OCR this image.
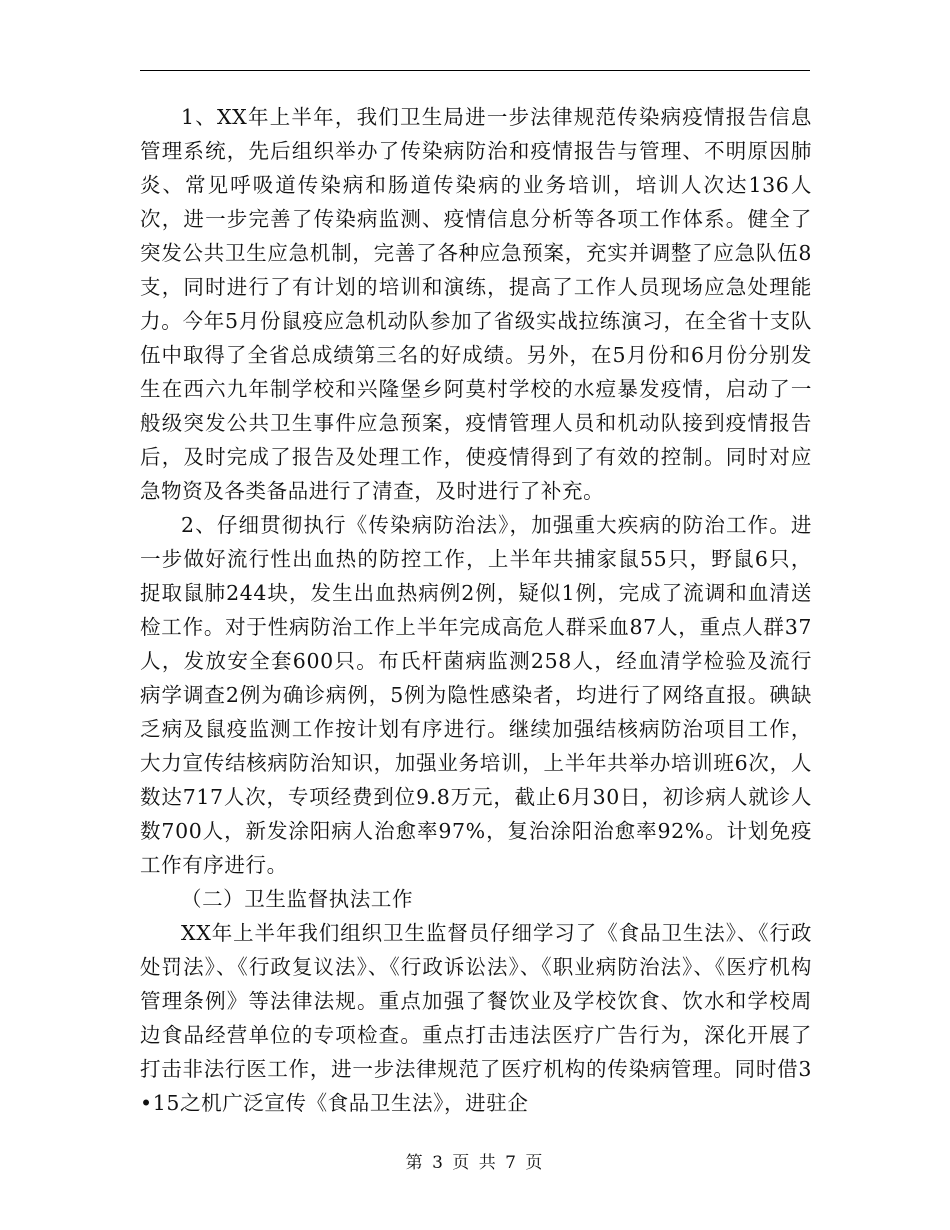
1、XX年上半年，我们卫生局进一步法律规范传染病疫情报告信息管理系统，先后组织举办了传染病防治和疫情报告与管理、不明原因肺炎、常见呼吸道传染病和肠道传染病的业务培训，培训人次达136人次，进一步完善了传染病监测、疫情信息分析等各项工作体系。健全了突发公共卫生应急机制，完善了各种应急预案，充实并调整了应急队伍8支，同时进行了有计划的培训和演练，提高了工作人员现场应急处理能力。今年5月份鼠疫应急机动队参加了省级实战拉练演习，在全省十支队伍中取得了全省总成绩第三名的好成绩。另外，在5月份和6月份分别发生在西六九年制学校和兴隆堡乡阿莫村学校的水痘暴发疫情，启动了一般级突发公共卫生事件应急预案，疫情管理人员和机动队接到疫情报告后，及时完成了报告及处理工作，使疫情得到了有效的控制。同时对应急物资及各类备品进行了清查，及时进行了补充。

2、仔细贯彻执行《传染病防治法》，加强重大疾病的防治工作。进一步做好流行性出血热的防控工作，上半年共捕家鼠55只，野鼠6只，捉取鼠肺244块，发生出血热病例2例，疑似1例，完成了流调和血清送检工作。对于性病防治工作上半年完成高危人群采血87人，重点人群37人，发放安全套600只。布氏杆菌病监测258人，经血清学检验及流行病学调查2例为确诊病例，5例为隐性感染者，均进行了网络直报。碘缺乏病及鼠疫监测工作按计划有序进行。继续加强结核病防治项目工作，大力宣传结核病防治知识，加强业务培训，上半年共举办培训班6次，人数达717人次，专项经费到位9.8万元，截止6月30日，初诊病人就诊人数700人，新发涂阳病人治愈率97%，复治涂阳治愈率92%。计划免疫工作有序进行。

（二）卫生监督执法工作

XX年上半年我们组织卫生监督员仔细学习了《食品卫生法》、《行政处罚法》、《行政复议法》、《行政诉讼法》、《职业病防治法》、《医疗机构管理条例》等法律法规。重点加强了餐饮业及学校饮食、饮水和学校周边食品经营单位的专项检查。重点打击违法医疗广告行为，深化开展了打击非法行医工作，进一步法律规范了医疗机构的传染病管理。同时借3•15之机广泛宣传《食品卫生法》，进驻企

第 3 页 共 7 页
